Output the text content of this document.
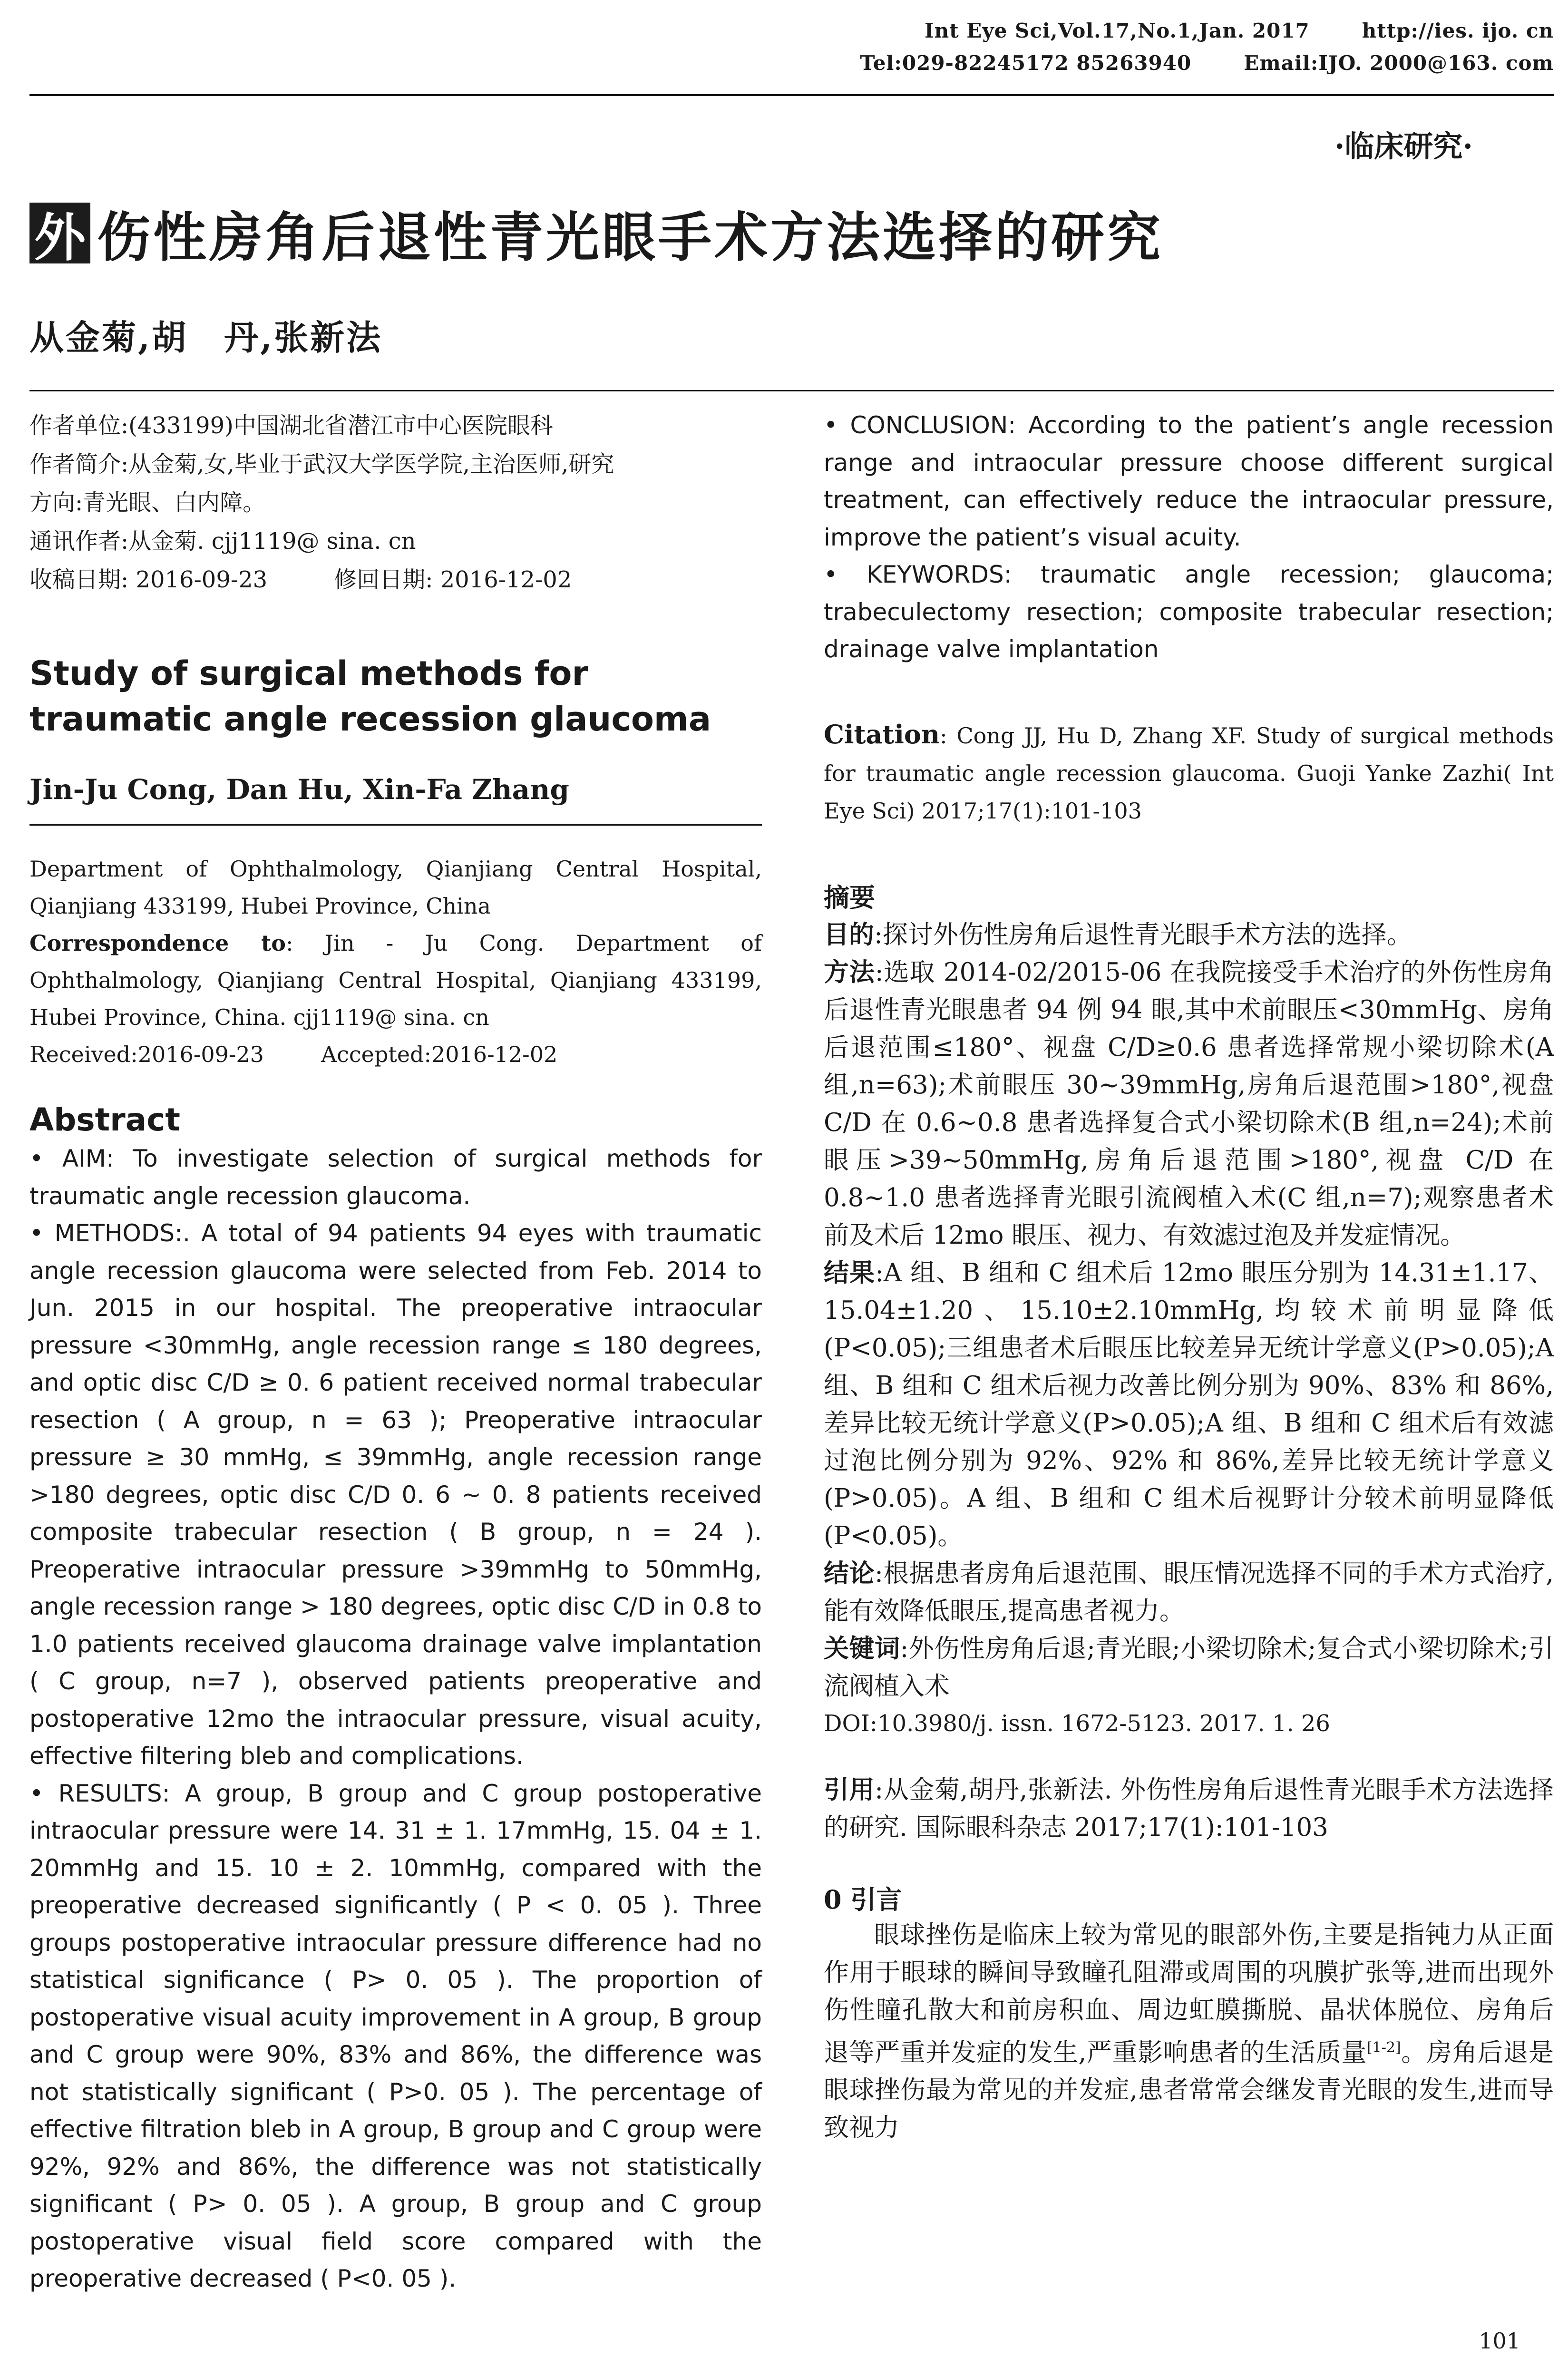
Int Eye Sci,Vol.17,No.1,Jan. 2017	http://ies. ijo. cn
Tel:029-82245172 85263940	Email:IJO. 2000@163. com
·临床研究·
外 伤性房角后退性青光眼手术方法选择的研究
从金菊,胡　丹,张新法
作者单位:(433199)中国湖北省潜江市中心医院眼科
作者简介:从金菊,女,毕业于武汉大学医学院,主治医师,研究
方向:青光眼、白内障。
通讯作者:从金菊. cjj1119@ sina. cn
收稿日期: 2016-09-23	修回日期: 2016-12-02
Study of surgical methods for traumatic angle recession glaucoma
Jin-Ju Cong, Dan Hu, Xin-Fa Zhang
Department of Ophthalmology, Qianjiang Central Hospital, Qianjiang 433199, Hubei Province, China
Correspondence to: Jin - Ju Cong. Department of Ophthalmology, Qianjiang Central Hospital, Qianjiang 433199, Hubei Province, China. cjj1119@ sina. cn
Received:2016-09-23	Accepted:2016-12-02
Abstract

• AIM: To investigate selection of surgical methods for traumatic angle recession glaucoma.

• METHODS:. A total of 94 patients 94 eyes with traumatic angle recession glaucoma were selected from Feb. 2014 to Jun. 2015 in our hospital. The preoperative intraocular pressure <30mmHg, angle recession range ≤ 180 degrees, and optic disc C/D ≥ 0. 6 patient received normal trabecular resection ( A group, n = 63 ); Preoperative intraocular pressure ≥ 30 mmHg, ≤ 39mmHg, angle recession range >180 degrees, optic disc C/D 0. 6 ~ 0. 8 patients received composite trabecular resection ( B group, n = 24 ). Preoperative intraocular pressure >39mmHg to 50mmHg, angle recession range > 180 degrees, optic disc C/D in 0.8 to 1.0 patients received glaucoma drainage valve implantation ( C group, n=7 ), observed patients preoperative and postoperative 12mo the intraocular pressure, visual acuity, effective filtering bleb and complications.

• RESULTS: A group, B group and C group postoperative intraocular pressure were 14. 31 ± 1. 17mmHg, 15. 04 ± 1. 20mmHg and 15. 10 ± 2. 10mmHg, compared with the preoperative decreased significantly ( P < 0. 05 ). Three groups postoperative intraocular pressure difference had no statistical significance ( P> 0. 05 ). The proportion of postoperative visual acuity improvement in A group, B group and C group were 90%, 83% and 86%, the difference was not statistically significant ( P>0. 05 ). The percentage of effective filtration bleb in A group, B group and C group were 92%, 92% and 86%, the difference was not statistically significant ( P> 0. 05 ). A group, B group and C group postoperative visual field score compared with the preoperative decreased ( P<0. 05 ).

• CONCLUSION: According to the patient’s angle recession range and intraocular pressure choose different surgical treatment, can effectively reduce the intraocular pressure, improve the patient’s visual acuity.

• KEYWORDS: traumatic angle recession; glaucoma; trabeculectomy resection; composite trabecular resection; drainage valve implantation

Citation: Cong JJ, Hu D, Zhang XF. Study of surgical methods for traumatic angle recession glaucoma. Guoji Yanke Zazhi( Int Eye Sci) 2017;17(1):101-103
摘要

目的:探讨外伤性房角后退性青光眼手术方法的选择。

方法:选取 2014-02/2015-06 在我院接受手术治疗的外伤性房角后退性青光眼患者 94 例 94 眼,其中术前眼压<30mmHg、房角后退范围≤180°、视盘 C/D≥0.6 患者选择常规小梁切除术(A 组,n=63);术前眼压 30~39mmHg,房角后退范围>180°,视盘 C/D 在 0.6~0.8 患者选择复合式小梁切除术(B 组,n=24);术前眼压>39~50mmHg,房角后退范围>180°,视盘 C/D 在 0.8~1.0 患者选择青光眼引流阀植入术(C 组,n=7);观察患者术前及术后 12mo 眼压、视力、有效滤过泡及并发症情况。

结果:A 组、B 组和 C 组术后 12mo 眼压分别为 14.31±1.17、15.04±1.20、15.10±2.10mmHg,均较术前明显降低(P<0.05);三组患者术后眼压比较差异无统计学意义(P>0.05);A 组、B 组和 C 组术后视力改善比例分别为 90%、83% 和 86%,差异比较无统计学意义(P>0.05);A 组、B 组和 C 组术后有效滤过泡比例分别为 92%、92% 和 86%,差异比较无统计学意义(P>0.05)。A 组、B 组和 C 组术后视野计分较术前明显降低(P<0.05)。

结论:根据患者房角后退范围、眼压情况选择不同的手术方式治疗,能有效降低眼压,提高患者视力。

关键词:外伤性房角后退;青光眼;小梁切除术;复合式小梁切除术;引流阀植入术

DOI:10.3980/j. issn. 1672-5123. 2017. 1. 26

引用:从金菊,胡丹,张新法. 外伤性房角后退性青光眼手术方法选择的研究. 国际眼科杂志 2017;17(1):101-103
0 引言
眼球挫伤是临床上较为常见的眼部外伤,主要是指钝力从正面作用于眼球的瞬间导致瞳孔阻滞或周围的巩膜扩张等,进而出现外伤性瞳孔散大和前房积血、周边虹膜撕脱、晶状体脱位、房角后退等严重并发症的发生,严重影响患者的生活质量[1-2]。房角后退是眼球挫伤最为常见的并发症,患者常常会继发青光眼的发生,进而导致视力
101
